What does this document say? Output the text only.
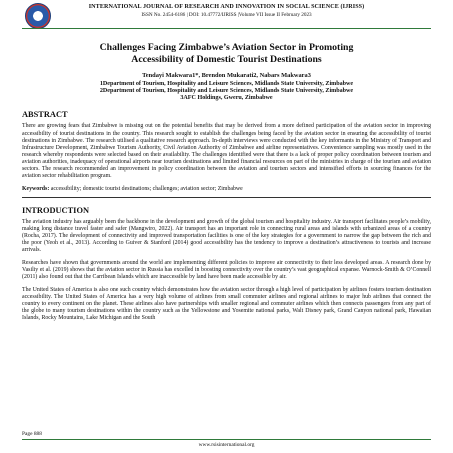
INTERNATIONAL JOURNAL OF RESEARCH AND INNOVATION IN SOCIAL SCIENCE (IJRISS)
ISSN No. 2454-6186 | DOI: 10.47772/IJRISS |Volume VII Issue II February 2023
Challenges Facing Zimbabwe’s Aviation Sector in Promoting
Accessibility of Domestic Tourist Destinations
Tendayi Makwara1*, Brendon Mukarati2, Nabars Makwara3
1Department of Tourism, Hospitality and Leisure Sciences, Midlands State University, Zimbabwe
2Department of Tourism, Hospitality and Leisure Sciences, Midlands State University, Zimbabwe
3AFC Holdings, Gweru, Zimbabwe
ABSTRACT

There are growing fears that Zimbabwe is missing out on the potential benefits that may be derived from a more defined participation of the aviation sector in improving accessibility of tourist destinations in the country. This research sought to establish the challenges being faced by the aviation sector in ensuring the accessibility of tourist destinations in Zimbabwe. The research utilised a qualitative research approach. In-depth interviews were conducted with the key informants in the Ministry of Transport and Infrastructure Development, Zimbabwe Tourism Authority, Civil Aviation Authority of Zimbabwe and airline representatives. Convenience sampling was mostly used in the research whereby respondents were selected based on their availability. The challenges identified were that there is a lack of proper policy coordination between tourism and aviation authorities, inadequacy of operational airports near tourism destinations and limited financial resources on part of the ministries in charge of the tourism and aviation sectors. The research recommended an improvement in policy coordination between the aviation and tourism sectors and intensified efforts in sourcing finances for the aviation sector rehabilitation program.

Keywords: accessibility; domestic tourist destinations; challenges; aviation sector; Zimbabwe
INTRODUCTION

The aviation industry has arguably been the backbone in the development and growth of the global tourism and hospitality industry. Air transport facilitates people’s mobility, making long distance travel faster and safer (Mangwiro, 2022). Air transport has an important role in connecting rural areas and islands with urbanized areas of a country (Rocha, 2017). The development of connectivity and improved transportation facilities is one of the key strategies for a government to narrow the gap between the rich and the poor (Yeoh et al., 2013). According to Guiver & Stanford (2014) good accessibility has the tendency to improve a destination’s attractiveness to tourists and increase arrivals.

Researches have shown that governments around the world are implementing different policies to improve air connectivity to their less developed areas. A research done by Vasiliy et al. (2019) shows that the aviation sector in Russia has excelled in boosting connectivity over the country’s vast geographical expanse. Warnock-Smith & O’Connell (2011) also found out that the Carribean Islands which are inaccessible by land have been made accessible by air.

The United States of America is also one such country which demonstrates how the aviation sector through a high level of participation by airlines fosters tourism destination accessibility. The United States of America has a very high volume of airlines from small commuter airlines and regional airlines to major hub airlines that connect the country to every continent on the planet. These airlines also have partnerships with smaller regional and commuter airlines which then connects passengers from any part of the globe to many tourism destinations within the country such as the Yellowstone and Yosemite national parks, Walt Disney park, Grand Canyon national park, Hawaiian Islands, Rocky Mountains, Lake Michigan and the South

Page 888
www.rsisinternational.org
